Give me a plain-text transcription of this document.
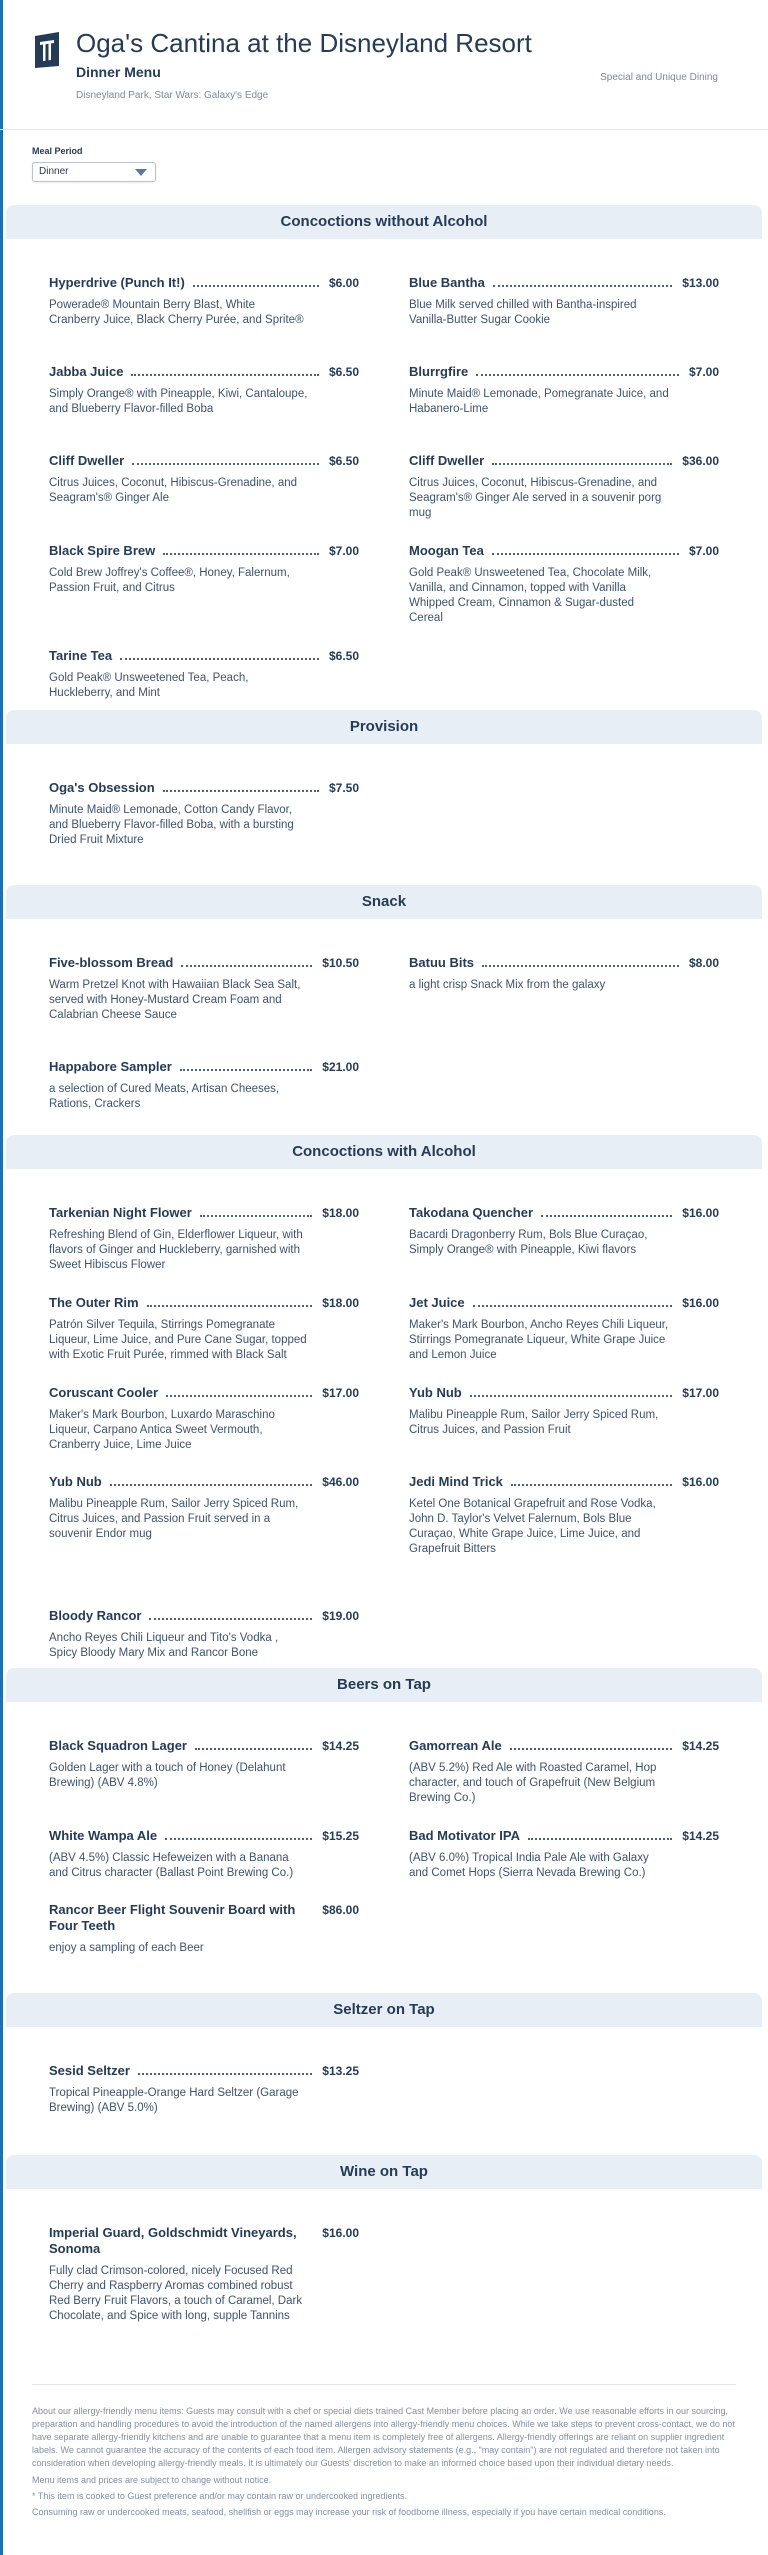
Oga's Cantina at the Disneyland Resort
Dinner Menu
Disneyland Park, Star Wars: Galaxy's Edge
Special and Unique Dining
Meal Period
Dinner
Concoctions without Alcohol
Hyperdrive (Punch It!)	$6.00
Powerade® Mountain Berry Blast, White Cranberry Juice, Black Cherry Purée, and Sprite®
Blue Bantha	$13.00
Blue Milk served chilled with Bantha-inspired Vanilla-Butter Sugar Cookie
Jabba Juice	$6.50
Simply Orange® with Pineapple, Kiwi, Cantaloupe, and Blueberry Flavor-filled Boba
Blurrgfire	$7.00
Minute Maid® Lemonade, Pomegranate Juice, and Habanero-Lime
Cliff Dweller	$6.50
Citrus Juices, Coconut, Hibiscus-Grenadine, and Seagram's® Ginger Ale
Cliff Dweller	$36.00
Citrus Juices, Coconut, Hibiscus-Grenadine, and Seagram's® Ginger Ale served in a souvenir porg mug
Black Spire Brew	$7.00
Cold Brew Joffrey's Coffee®, Honey, Falernum, Passion Fruit, and Citrus
Moogan Tea	$7.00
Gold Peak® Unsweetened Tea, Chocolate Milk, Vanilla, and Cinnamon, topped with Vanilla Whipped Cream, Cinnamon & Sugar-dusted Cereal
Tarine Tea	$6.50
Gold Peak® Unsweetened Tea, Peach, Huckleberry, and Mint
Provision
Oga's Obsession	$7.50
Minute Maid® Lemonade, Cotton Candy Flavor, and Blueberry Flavor-filled Boba, with a bursting Dried Fruit Mixture
Snack
Five-blossom Bread	$10.50
Warm Pretzel Knot with Hawaiian Black Sea Salt, served with Honey-Mustard Cream Foam and Calabrian Cheese Sauce
Batuu Bits	$8.00
a light crisp Snack Mix from the galaxy
Happabore Sampler	$21.00
a selection of Cured Meats, Artisan Cheeses, Rations, Crackers
Concoctions with Alcohol
Tarkenian Night Flower	$18.00
Refreshing Blend of Gin, Elderflower Liqueur, with flavors of Ginger and Huckleberry, garnished with Sweet Hibiscus Flower
Takodana Quencher	$16.00
Bacardi Dragonberry Rum, Bols Blue Curaçao, Simply Orange® with Pineapple, Kiwi flavors
The Outer Rim	$18.00
Patrón Silver Tequila, Stirrings Pomegranate Liqueur, Lime Juice, and Pure Cane Sugar, topped with Exotic Fruit Purée, rimmed with Black Salt
Jet Juice	$16.00
Maker's Mark Bourbon, Ancho Reyes Chili Liqueur, Stirrings Pomegranate Liqueur, White Grape Juice and Lemon Juice
Coruscant Cooler	$17.00
Maker's Mark Bourbon, Luxardo Maraschino Liqueur, Carpano Antica Sweet Vermouth, Cranberry Juice, Lime Juice
Yub Nub	$17.00
Malibu Pineapple Rum, Sailor Jerry Spiced Rum, Citrus Juices, and Passion Fruit
Yub Nub	$46.00
Malibu Pineapple Rum, Sailor Jerry Spiced Rum, Citrus Juices, and Passion Fruit served in a souvenir Endor mug
Jedi Mind Trick	$16.00
Ketel One Botanical Grapefruit and Rose Vodka, John D. Taylor's Velvet Falernum, Bols Blue Curaçao, White Grape Juice, Lime Juice, and Grapefruit Bitters
Bloody Rancor	$19.00
Ancho Reyes Chili Liqueur and Tito's Vodka , Spicy Bloody Mary Mix and Rancor Bone
Beers on Tap
Black Squadron Lager	$14.25
Golden Lager with a touch of Honey (Delahunt Brewing) (ABV 4.8%)
Gamorrean Ale	$14.25
(ABV 5.2%) Red Ale with Roasted Caramel, Hop character, and touch of Grapefruit (New Belgium Brewing Co.)
White Wampa Ale	$15.25
(ABV 4.5%) Classic Hefeweizen with a Banana and Citrus character (Ballast Point Brewing Co.)
Bad Motivator IPA	$14.25
(ABV 6.0%) Tropical India Pale Ale with Galaxy and Comet Hops (Sierra Nevada Brewing Co.)
Rancor Beer Flight Souvenir Board with Four Teeth
$86.00
enjoy a sampling of each Beer
Seltzer on Tap
Sesid Seltzer	$13.25
Tropical Pineapple-Orange Hard Seltzer (Garage Brewing) (ABV 5.0%)
Wine on Tap
Imperial Guard, Goldschmidt Vineyards, Sonoma
$16.00
Fully clad Crimson-colored, nicely Focused Red Cherry and Raspberry Aromas combined robust Red Berry Fruit Flavors, a touch of Caramel, Dark Chocolate, and Spice with long, supple Tannins

About our allergy-friendly menu items: Guests may consult with a chef or special diets trained Cast Member before placing an order. We use reasonable efforts in our sourcing, preparation and handling procedures to avoid the introduction of the named allergens into allergy-friendly menu choices. While we take steps to prevent cross-contact, we do not have separate allergy-friendly kitchens and are unable to guarantee that a menu item is completely free of allergens. Allergy-friendly offerings are reliant on supplier ingredient labels. We cannot guarantee the accuracy of the contents of each food item. Allergen advisory statements (e.g., "may contain") are not regulated and therefore not taken into consideration when developing allergy-friendly meals. It is ultimately our Guests' discretion to make an informed choice based upon their individual dietary needs.

Menu items and prices are subject to change without notice.

* This item is cooked to Guest preference and/or may contain raw or undercooked ingredients.

Consuming raw or undercooked meats, seafood, shellfish or eggs may increase your risk of foodborne illness, especially if you have certain medical conditions.
